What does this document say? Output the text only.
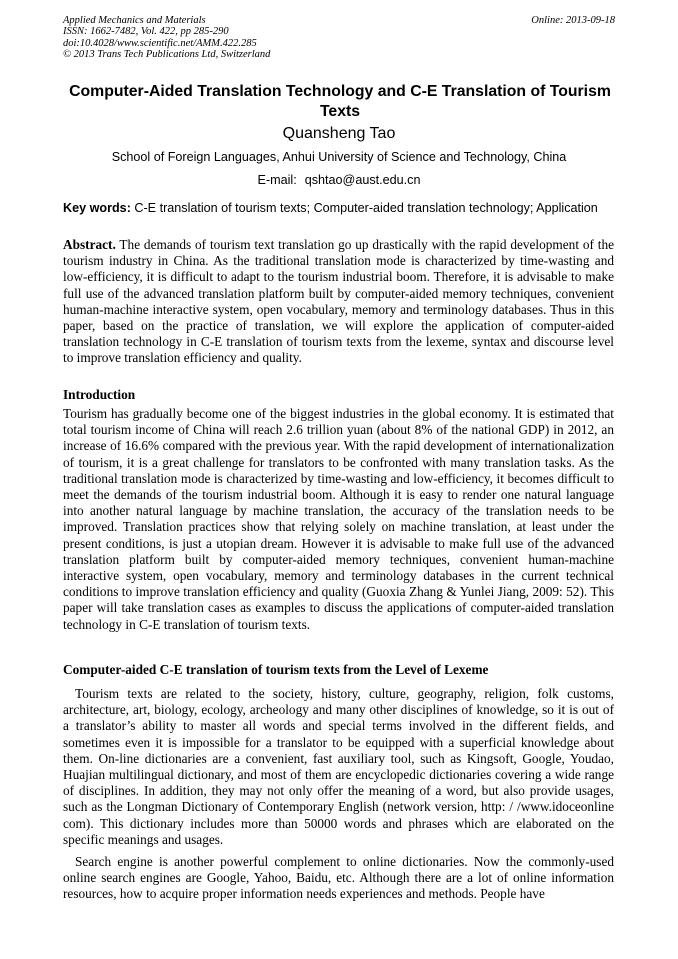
Applied Mechanics and Materials
ISSN: 1662-7482, Vol. 422, pp 285-290
doi:10.4028/www.scientific.net/AMM.422.285
© 2013 Trans Tech Publications Ltd, Switzerland
Online: 2013-09-18
Computer-Aided Translation Technology and C-E Translation of Tourism Texts
Quansheng Tao
School of Foreign Languages, Anhui University of Science and Technology, China
E-mail: qshtao@aust.edu.cn
Key words: C-E translation of tourism texts; Computer-aided translation technology; Application
Abstract. The demands of tourism text translation go up drastically with the rapid development of the tourism industry in China. As the traditional translation mode is characterized by time-wasting and low-efficiency, it is difficult to adapt to the tourism industrial boom. Therefore, it is advisable to make full use of the advanced translation platform built by computer-aided memory techniques, convenient human-machine interactive system, open vocabulary, memory and terminology databases. Thus in this paper, based on the practice of translation, we will explore the application of computer-aided translation technology in C-E translation of tourism texts from the lexeme, syntax and discourse level to improve translation efficiency and quality.
Introduction
Tourism has gradually become one of the biggest industries in the global economy. It is estimated that total tourism income of China will reach 2.6 trillion yuan (about 8% of the national GDP) in 2012, an increase of 16.6% compared with the previous year. With the rapid development of internationalization of tourism, it is a great challenge for translators to be confronted with many translation tasks. As the traditional translation mode is characterized by time-wasting and low-efficiency, it becomes difficult to meet the demands of the tourism industrial boom. Although it is easy to render one natural language into another natural language by machine translation, the accuracy of the translation needs to be improved. Translation practices show that relying solely on machine translation, at least under the present conditions, is just a utopian dream. However it is advisable to make full use of the advanced translation platform built by computer-aided memory techniques, convenient human-machine interactive system, open vocabulary, memory and terminology databases in the current technical conditions to improve translation efficiency and quality (Guoxia Zhang & Yunlei Jiang, 2009: 52). This paper will take translation cases as examples to discuss the applications of computer-aided translation technology in C-E translation of tourism texts.
Computer-aided C-E translation of tourism texts from the Level of Lexeme
Tourism texts are related to the society, history, culture, geography, religion, folk customs, architecture, art, biology, ecology, archeology and many other disciplines of knowledge, so it is out of a translator’s ability to master all words and special terms involved in the different fields, and sometimes even it is impossible for a translator to be equipped with a superficial knowledge about them. On-line dictionaries are a convenient, fast auxiliary tool, such as Kingsoft, Google, Youdao, Huajian multilingual dictionary, and most of them are encyclopedic dictionaries covering a wide range of disciplines. In addition, they may not only offer the meaning of a word, but also provide usages, such as the Longman Dictionary of Contemporary English (network version, http: / /www.idoceonline com). This dictionary includes more than 50000 words and phrases which are elaborated on the specific meanings and usages.
Search engine is another powerful complement to online dictionaries. Now the commonly-used online search engines are Google, Yahoo, Baidu, etc. Although there are a lot of online information resources, how to acquire proper information needs experiences and methods. People have
